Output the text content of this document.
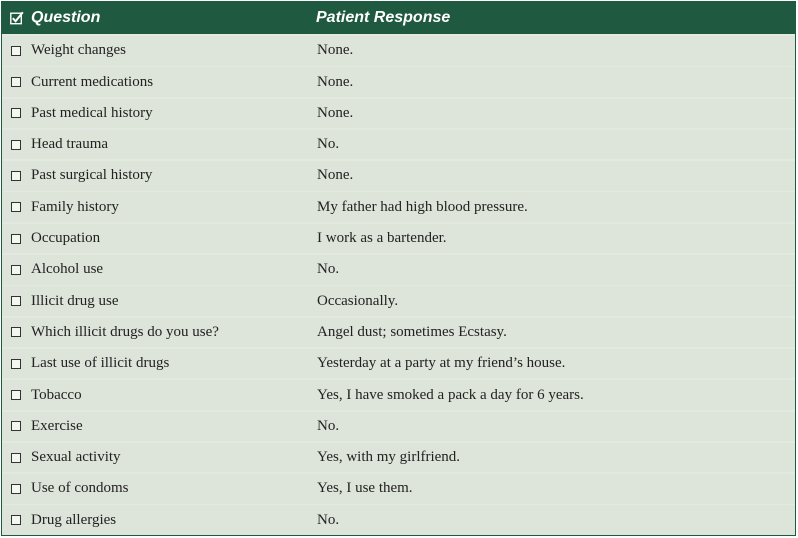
Question	Patient Response
Weight changes	None.
Current medications	None.
Past medical history	None.
Head trauma	No.
Past surgical history	None.
Family history	My father had high blood pressure.
Occupation	I work as a bartender.
Alcohol use	No.
Illicit drug use	Occasionally.
Which illicit drugs do you use?	Angel dust; sometimes Ecstasy.
Last use of illicit drugs	Yesterday at a party at my friend’s house.
Tobacco	Yes, I have smoked a pack a day for 6 years.
Exercise	No.
Sexual activity	Yes, with my girlfriend.
Use of condoms	Yes, I use them.
Drug allergies	No.
